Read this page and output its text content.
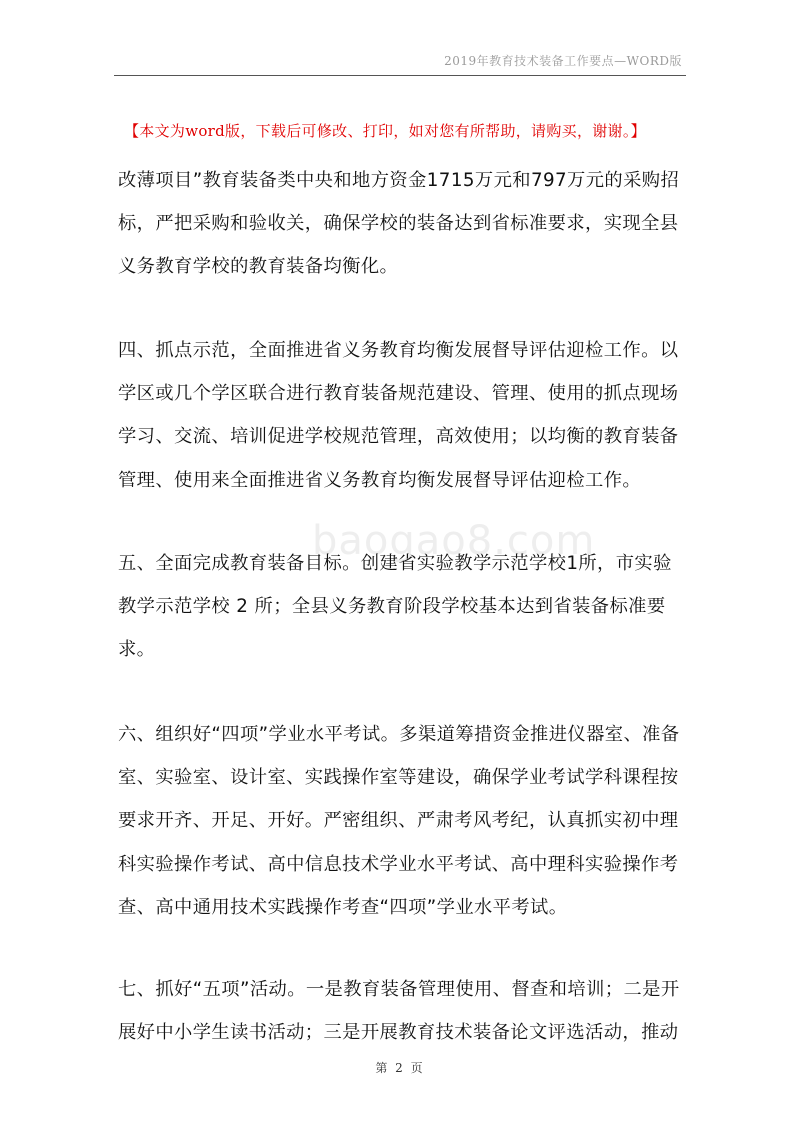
2019年教育技术装备工作要点—WORD版
【本文为word版，下载后可修改、打印，如对您有所帮助，请购买，谢谢。】
baogao8.com
改薄项目”教育装备类中央和地方资金1715万元和797万元的采购招
标，严把采购和验收关，确保学校的装备达到省标准要求，实现全县
义务教育学校的教育装备均衡化。
四、抓点示范，全面推进省义务教育均衡发展督导评估迎检工作。以
学区或几个学区联合进行教育装备规范建设、管理、使用的抓点现场
学习、交流、培训促进学校规范管理，高效使用；以均衡的教育装备
管理、使用来全面推进省义务教育均衡发展督导评估迎检工作。
五、全面完成教育装备目标。创建省实验教学示范学校1所，市实验
教学示范学校 2 所；全县义务教育阶段学校基本达到省装备标准要
求。
六、组织好“四项”学业水平考试。多渠道筹措资金推进仪器室、准备
室、实验室、设计室、实践操作室等建设，确保学业考试学科课程按
要求开齐、开足、开好。严密组织、严肃考风考纪，认真抓实初中理
科实验操作考试、高中信息技术学业水平考试、高中理科实验操作考
查、高中通用技术实践操作考查“四项”学业水平考试。
七、抓好“五项”活动。一是教育装备管理使用、督查和培训；二是开
展好中小学生读书活动；三是开展教育技术装备论文评选活动，推动
第 2 页
